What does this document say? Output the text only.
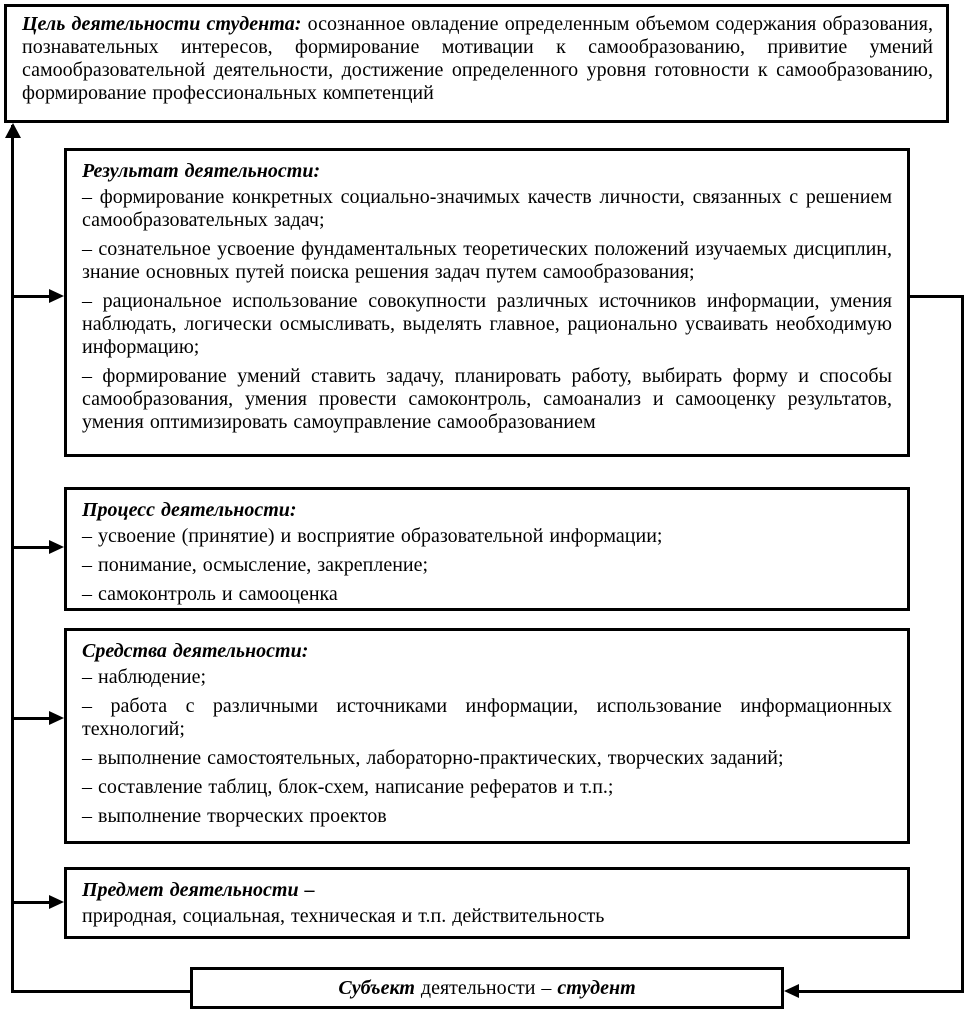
Цель деятельности студента: осознанное овладение определенным объемом содержания образования, познавательных интересов, формирование мотивации к самообразованию, привитие умений самообразовательной деятельности, достижение определенного уровня готовности к самообразованию, формирование профессиональных компетенций

Результат деятельности:

– формирование конкретных социально-значимых качеств личности, связанных с решением самообразовательных задач;

– сознательное усвоение фундаментальных теоретических положений изучаемых дисциплин, знание основных путей поиска решения задач путем самообразования;

– рациональное использование совокупности различных источников информации, умения наблюдать, логически осмысливать, выделять главное, рационально усваивать необходимую информацию;

– формирование умений ставить задачу, планировать работу, выбирать форму и способы самообразования, умения провести самоконтроль, самоанализ и самооценку результатов, умения оптимизировать самоуправление самообразованием

Процесс деятельности:

– усвоение (принятие) и восприятие образовательной информации;

– понимание, осмысление, закрепление;

– самоконтроль и самооценка

Средства деятельности:

– наблюдение;

– работа с различными источниками информации, использование информационных технологий;

– выполнение самостоятельных, лабораторно-практических, творческих заданий;

– составление таблиц, блок-схем, написание рефератов и т.п.;

– выполнение творческих проектов

Предмет деятельности –

природная, социальная, техническая и т.п. действительность

Субъект деятельности – студент
